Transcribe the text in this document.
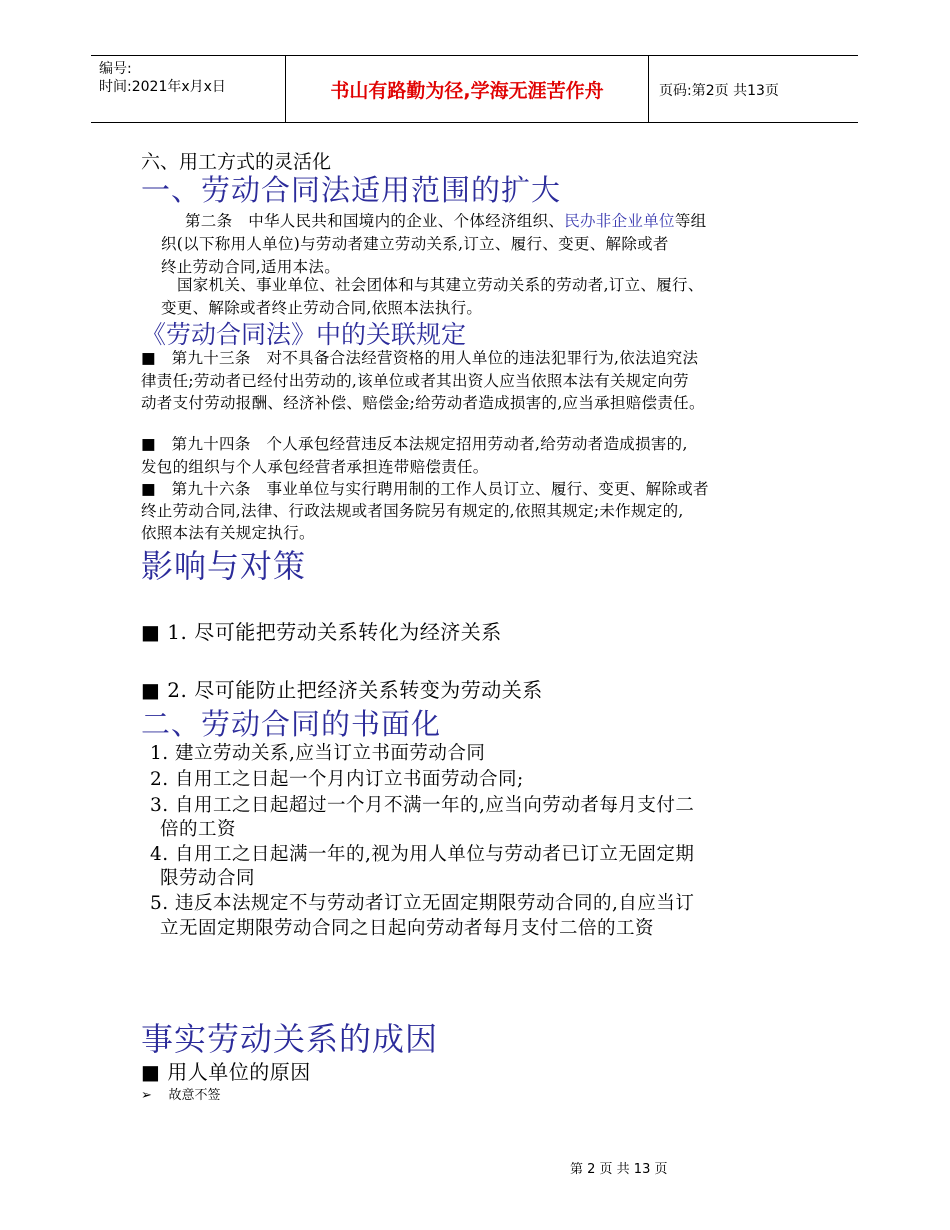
编号:
时间:2021年x月x日	书山有路勤为径,学海无涯苦作舟	页码:第2页 共13页
六、用工方式的灵活化
一、劳动合同法适用范围的扩大
第二条　中华人民共和国境内的企业、个体经济组织、民办非企业单位等组
织(以下称用人单位)与劳动者建立劳动关系,订立、履行、变更、解除或者
终止劳动合同,适用本法。
国家机关、事业单位、社会团体和与其建立劳动关系的劳动者,订立、履行、
变更、解除或者终止劳动合同,依照本法执行。
《劳动合同法》中的关联规定
■ 第九十三条　对不具备合法经营资格的用人单位的违法犯罪行为,依法追究法
律责任;劳动者已经付出劳动的,该单位或者其出资人应当依照本法有关规定向劳
动者支付劳动报酬、经济补偿、赔偿金;给劳动者造成损害的,应当承担赔偿责任。
■ 第九十四条　个人承包经营违反本法规定招用劳动者,给劳动者造成损害的,
发包的组织与个人承包经营者承担连带赔偿责任。
■ 第九十六条　事业单位与实行聘用制的工作人员订立、履行、变更、解除或者
终止劳动合同,法律、行政法规或者国务院另有规定的,依照其规定;未作规定的,
依照本法有关规定执行。
影响与对策
■ 1. 尽可能把劳动关系转化为经济关系
■ 2. 尽可能防止把经济关系转变为劳动关系
二、劳动合同的书面化
1. 建立劳动关系,应当订立书面劳动合同
2. 自用工之日起一个月内订立书面劳动合同;
3. 自用工之日起超过一个月不满一年的,应当向劳动者每月支付二
倍的工资
4. 自用工之日起满一年的,视为用人单位与劳动者已订立无固定期
限劳动合同
5. 违反本法规定不与劳动者订立无固定期限劳动合同的,自应当订
立无固定期限劳动合同之日起向劳动者每月支付二倍的工资
事实劳动关系的成因
■ 用人单位的原因
➢ 故意不签
第 2 页 共 13 页
